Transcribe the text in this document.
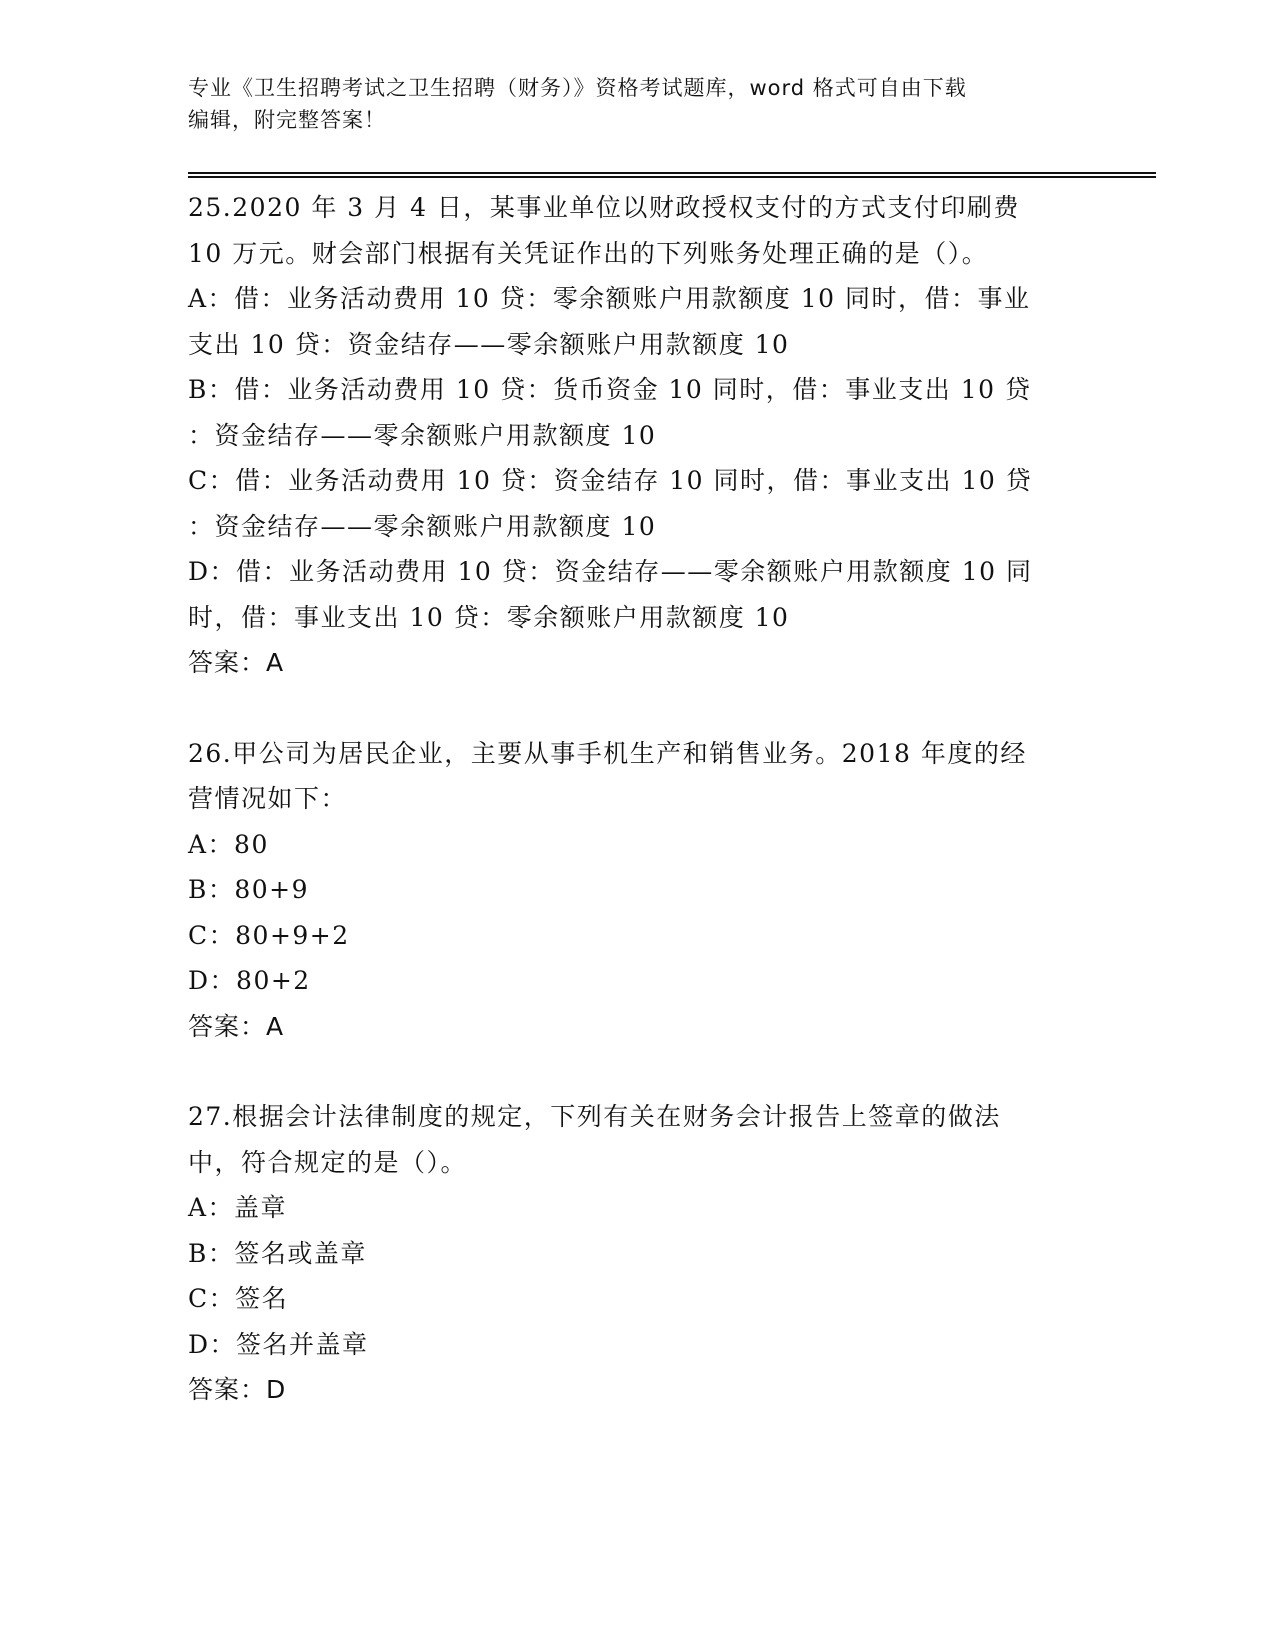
专业《卫生招聘考试之卫生招聘（财务）》资格考试题库，word 格式可自由下载
编辑，附完整答案！
25.2020 年 3 月 4 日，某事业单位以财政授权支付的方式支付印刷费
10 万元。财会部门根据有关凭证作出的下列账务处理正确的是（）。
A：借：业务活动费用 10 贷：零余额账户用款额度 10 同时，借：事业
支出 10 贷：资金结存——零余额账户用款额度 10
B：借：业务活动费用 10 贷：货币资金 10 同时，借：事业支出 10 贷
：资金结存——零余额账户用款额度 10
C：借：业务活动费用 10 贷：资金结存 10 同时，借：事业支出 10 贷
：资金结存——零余额账户用款额度 10
D：借：业务活动费用 10 贷：资金结存——零余额账户用款额度 10 同
时，借：事业支出 10 贷：零余额账户用款额度 10
答案：A
26.甲公司为居民企业，主要从事手机生产和销售业务。2018 年度的经
营情况如下：
A：80
B：80+9
C：80+9+2
D：80+2
答案：A
27.根据会计法律制度的规定，下列有关在财务会计报告上签章的做法
中，符合规定的是（）。
A：盖章
B：签名或盖章
C：签名
D：签名并盖章
答案：D
